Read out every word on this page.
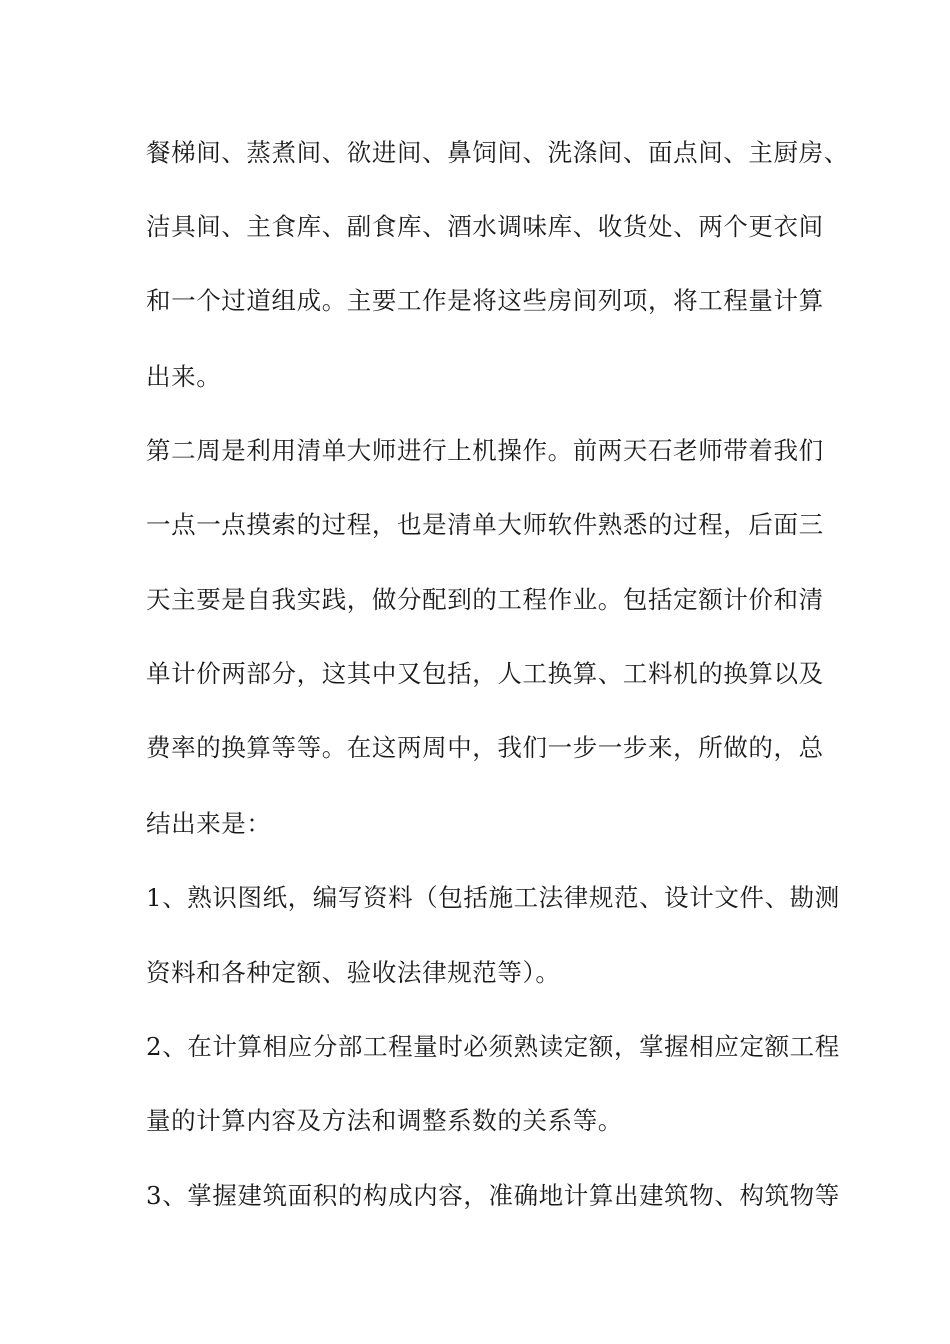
餐梯间、蒸煮间、欲进间、鼻饲间、洗涤间、面点间、主厨房、
洁具间、主食库、副食库、酒水调味库、收货处、两个更衣间
和一个过道组成。主要工作是将这些房间列项，将工程量计算
出来。
第二周是利用清单大师进行上机操作。前两天石老师带着我们
一点一点摸索的过程，也是清单大师软件熟悉的过程，后面三
天主要是自我实践，做分配到的工程作业。包括定额计价和清
单计价两部分，这其中又包括，人工换算、工料机的换算以及
费率的换算等等。在这两周中，我们一步一步来，所做的，总
结出来是：
1、熟识图纸，编写资料（包括施工法律规范、设计文件、勘测
资料和各种定额、验收法律规范等）。
2、在计算相应分部工程量时必须熟读定额，掌握相应定额工程
量的计算内容及方法和调整系数的关系等。
3、掌握建筑面积的构成内容，准确地计算出建筑物、构筑物等
